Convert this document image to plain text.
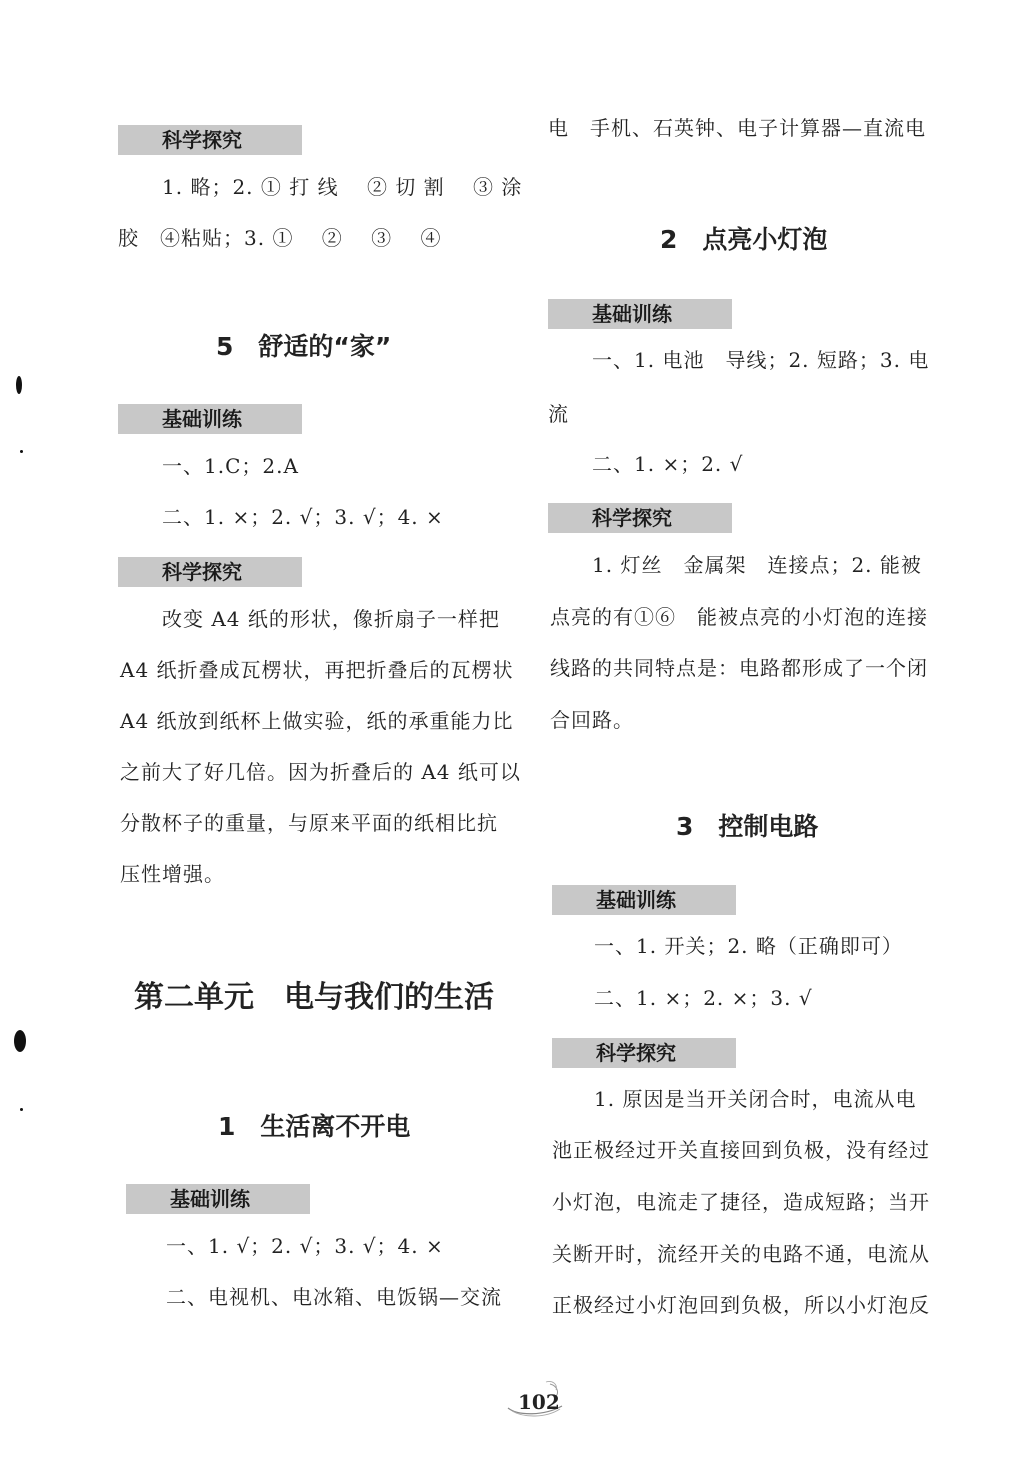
科学探究
1. 略；2. ① 打 线　 ② 切 割　 ③ 涂
胶　④粘贴；3. ①　 ②　 ③　 ④
5　舒适的“家”
基础训练
一、1.C；2.A
二、1. ×；2. √；3. √；4. ×
科学探究
改变 A4 纸的形状，像折扇子一样把
A4 纸折叠成瓦楞状，再把折叠后的瓦楞状
A4 纸放到纸杯上做实验，纸的承重能力比
之前大了好几倍。因为折叠后的 A4 纸可以
分散杯子的重量，与原来平面的纸相比抗
压性增强。
第二单元　电与我们的生活
1　生活离不开电
基础训练
一、1. √；2. √；3. √；4. ×
二、电视机、电冰箱、电饭锅—交流
电　手机、石英钟、电子计算器—直流电
2　点亮小灯泡
基础训练
一、1. 电池　导线；2. 短路；3. 电
流
二、1. ×；2. √
科学探究
1. 灯丝　金属架　连接点；2. 能被
点亮的有①⑥　能被点亮的小灯泡的连接
线路的共同特点是：电路都形成了一个闭
合回路。
3　控制电路
基础训练
一、1. 开关；2. 略（正确即可）
二、1. ×；2. ×；3. √
科学探究
1. 原因是当开关闭合时，电流从电
池正极经过开关直接回到负极，没有经过
小灯泡，电流走了捷径，造成短路；当开
关断开时，流经开关的电路不通，电流从
正极经过小灯泡回到负极，所以小灯泡反
102
